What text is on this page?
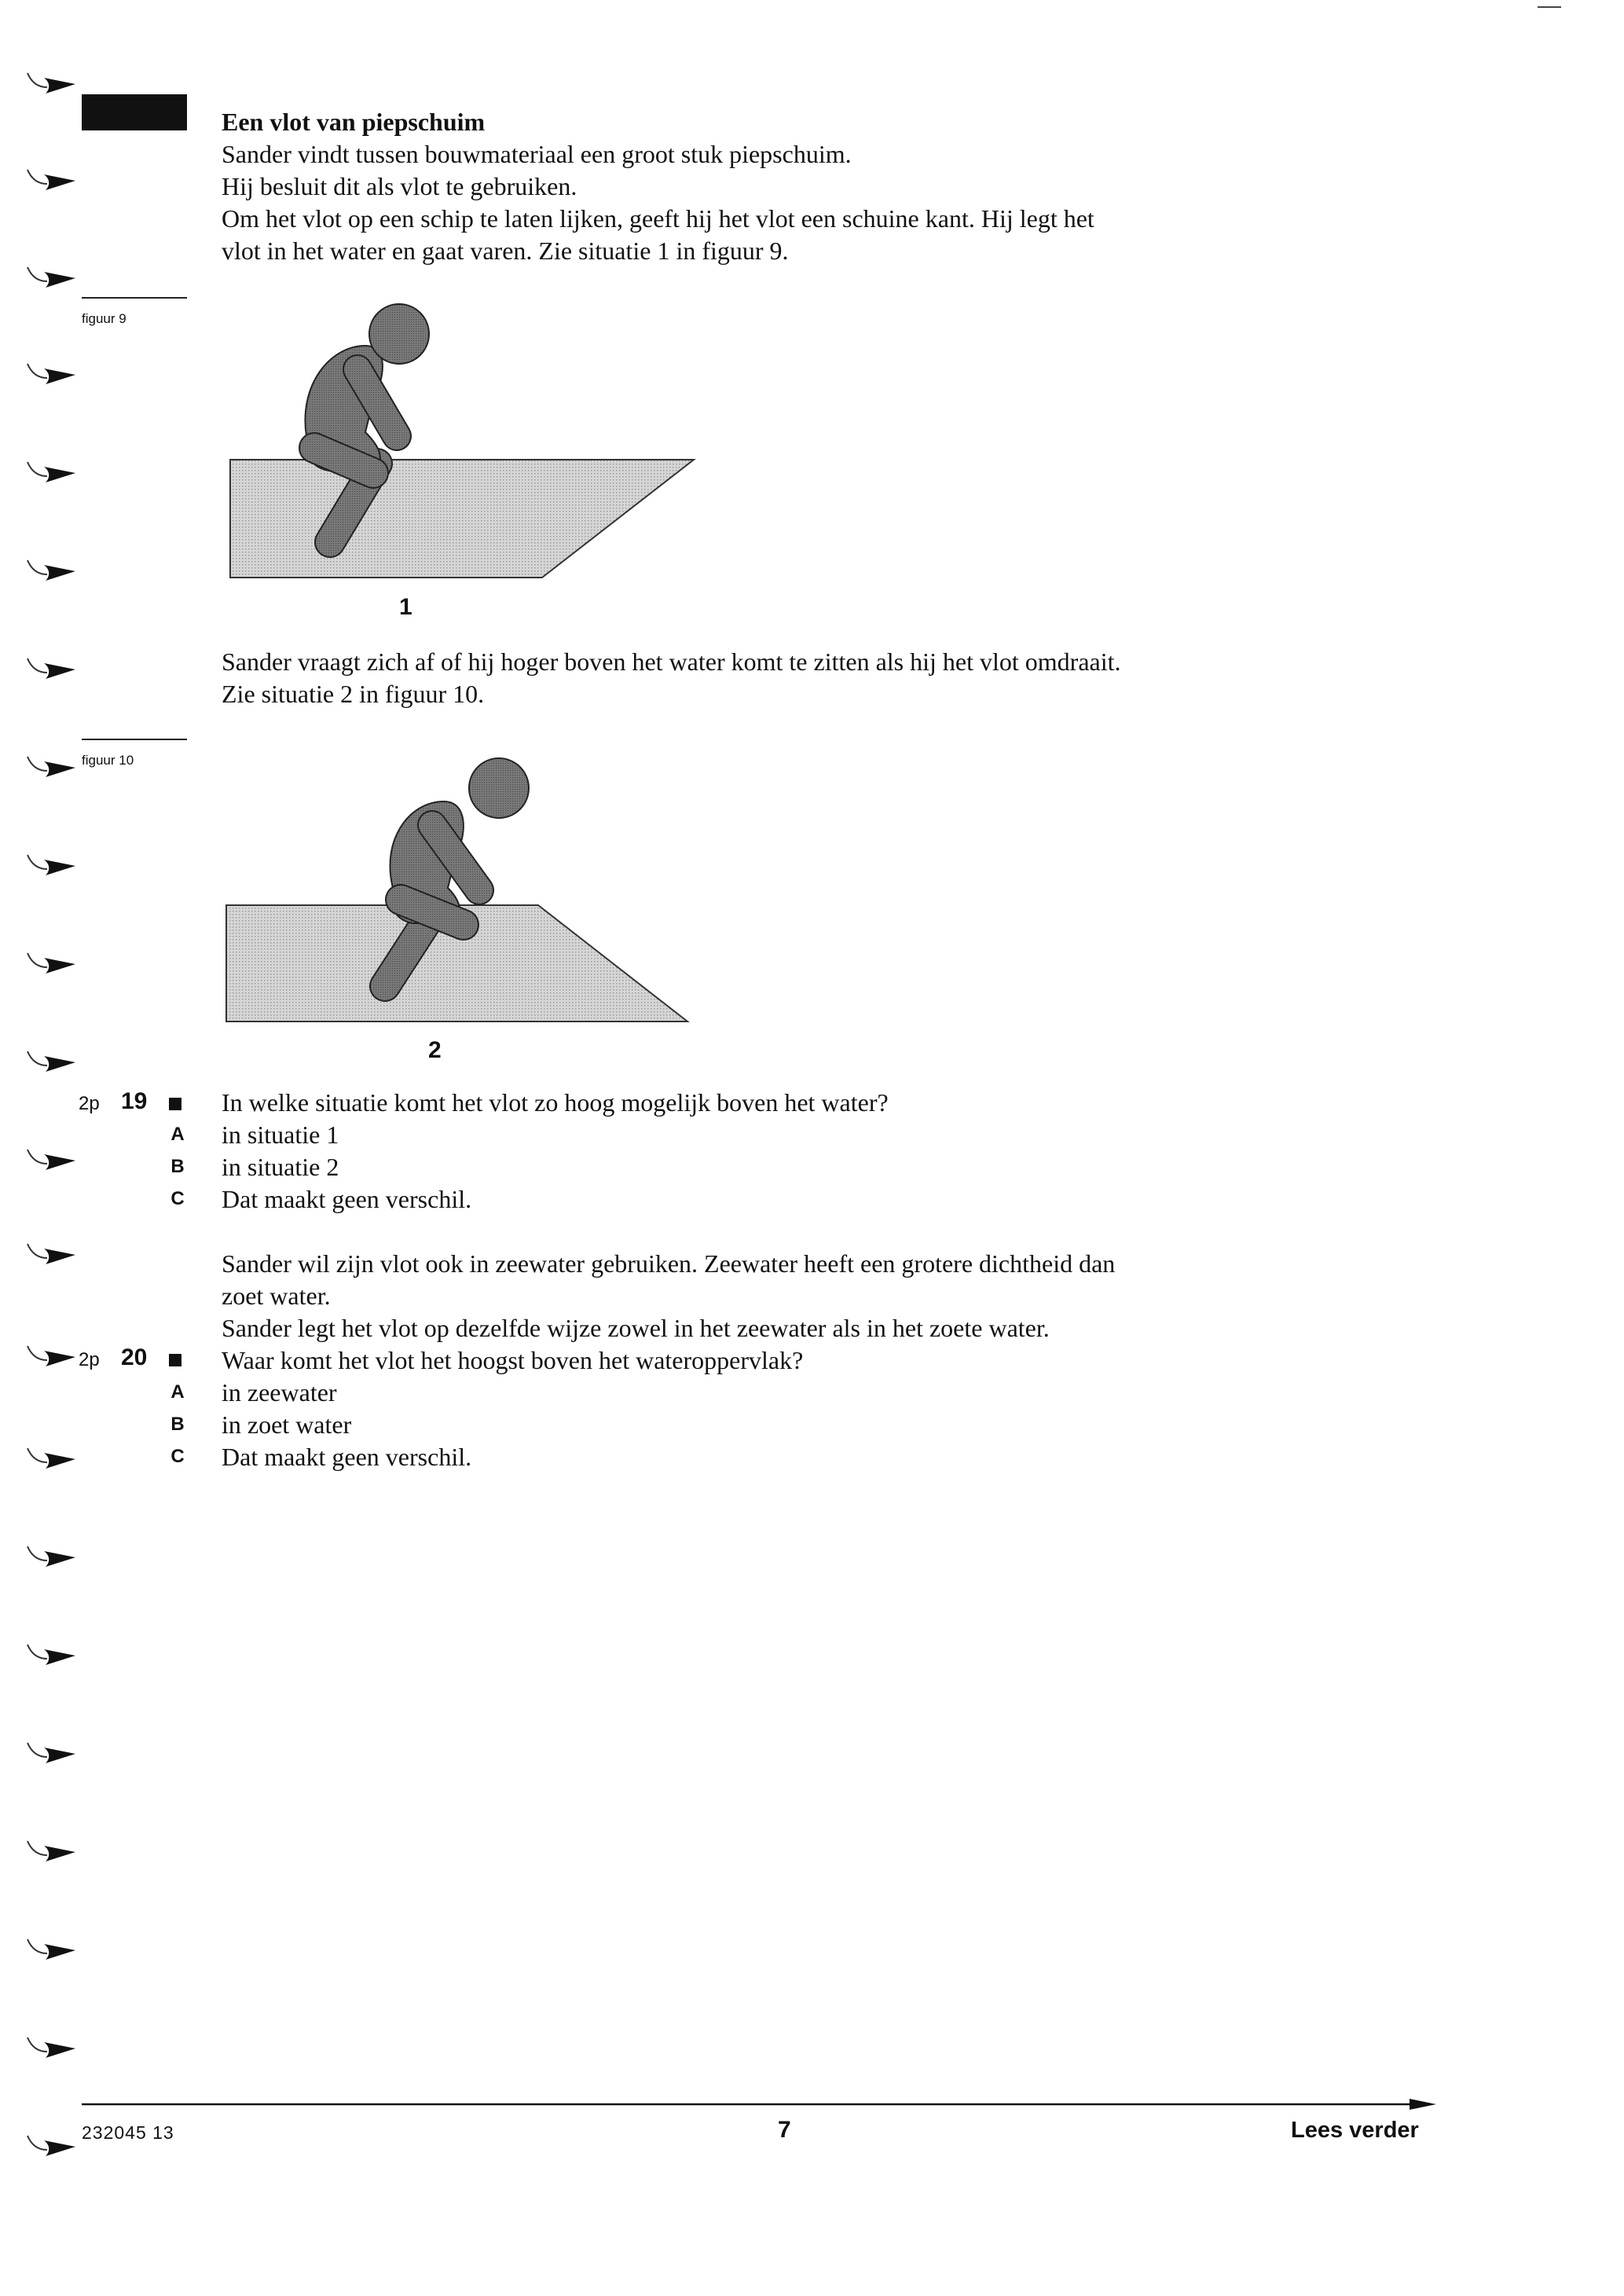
Een vlot van piepschuim
Sander vindt tussen bouwmateriaal een groot stuk piepschuim.
Hij besluit dit als vlot te gebruiken.
Om het vlot op een schip te laten lijken, geeft hij het vlot een schuine kant. Hij legt het
vlot in het water en gaat varen. Zie situatie 1 in figuur 9.
figuur 9
1
Sander vraagt zich af of hij hoger boven het water komt te zitten als hij het vlot omdraait.
Zie situatie 2 in figuur 10.
figuur 10
2
2p 19	In welke situatie komt het vlot zo hoog mogelijk boven het water?
A in situatie 1
B in situatie 2
C Dat maakt geen verschil.
Sander wil zijn vlot ook in zeewater gebruiken. Zeewater heeft een grotere dichtheid dan
zoet water.
Sander legt het vlot op dezelfde wijze zowel in het zeewater als in het zoete water.
2p 20	Waar komt het vlot het hoogst boven het wateroppervlak?
A in zeewater
B in zoet water
C Dat maakt geen verschil.
232045 13	7	Lees verder
